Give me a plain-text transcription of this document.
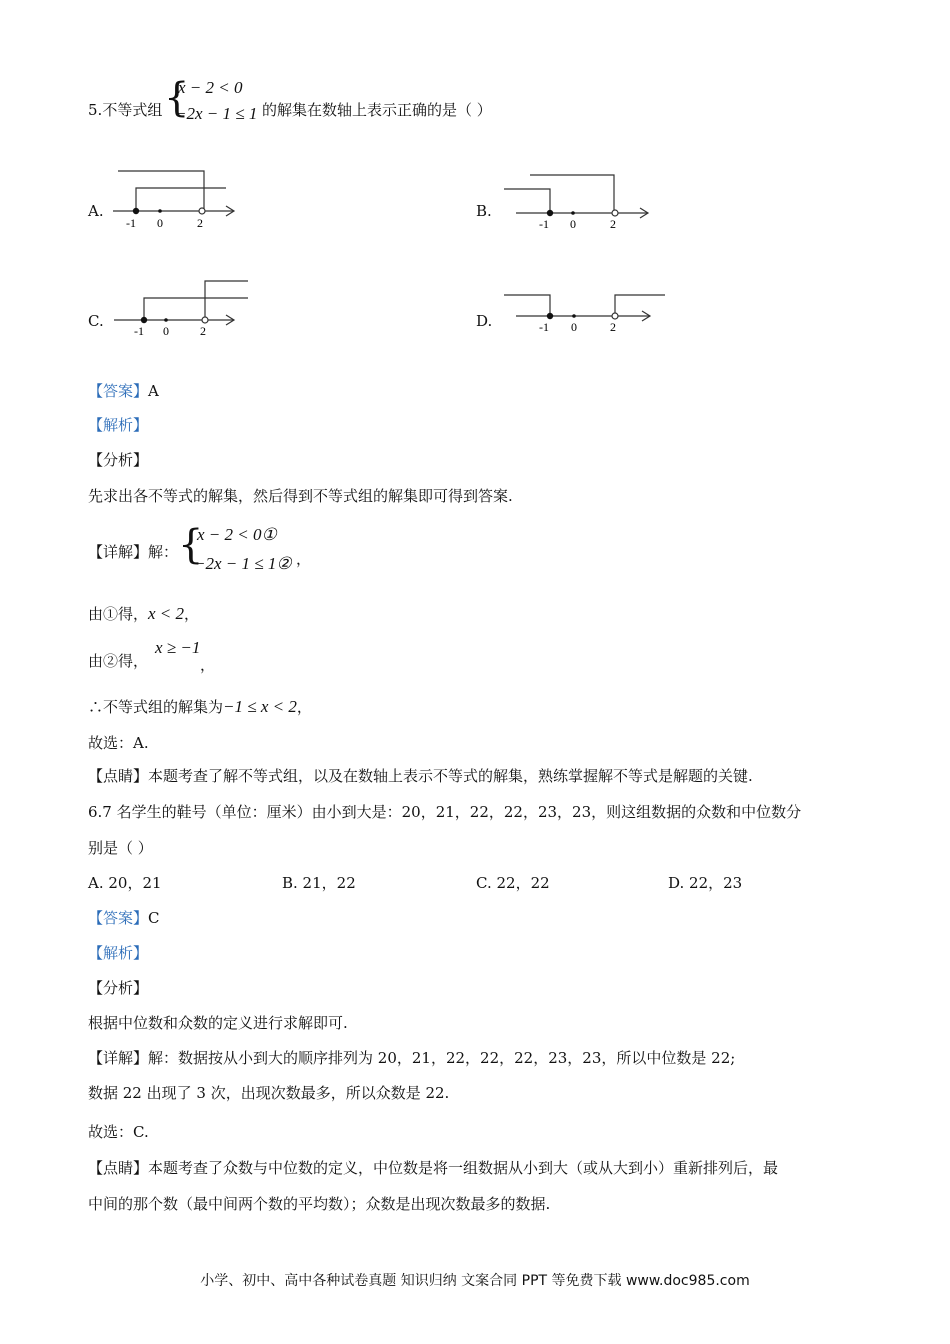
5.不等式组 {
x − 2 < 0
−2x − 1 ≤ 1 的解集在数轴上表示正确的是（ ）
A.
-1 0	2
B.
-1 0	2
C.
-1 0	2
D.	-1 0	2
【答案】A
【解析】
【分析】
先求出各不等式的解集，然后得到不等式组的解集即可得到答案.
【详解】解： {
x − 2 < 0①
−2x − 1 ≤ 1② ，
由①得，x < 2，
由②得，
x ≥ −1
，
∴不等式组的解集为−1 ≤ x < 2，
故选：A.
【点睛】本题考查了解不等式组，以及在数轴上表示不等式的解集，熟练掌握解不等式是解题的关键.
6.7 名学生的鞋号（单位：厘米）由小到大是：20，21，22，22，23，23，则这组数据的众数和中位数分
别是（ ）
A. 20，21	B. 21，22	C. 22，22	D. 22，23
【答案】C
【解析】
【分析】
根据中位数和众数的定义进行求解即可.
【详解】解：数据按从小到大的顺序排列为 20，21，22，22，22，23，23，所以中位数是 22;
数据 22 出现了 3 次，出现次数最多，所以众数是 22.
故选：C.
【点睛】本题考查了众数与中位数的定义，中位数是将一组数据从小到大（或从大到小）重新排列后，最
中间的那个数（最中间两个数的平均数）；众数是出现次数最多的数据.
小学、初中、高中各种试卷真题 知识归纳 文案合同 PPT 等免费下载 www.doc985.com
